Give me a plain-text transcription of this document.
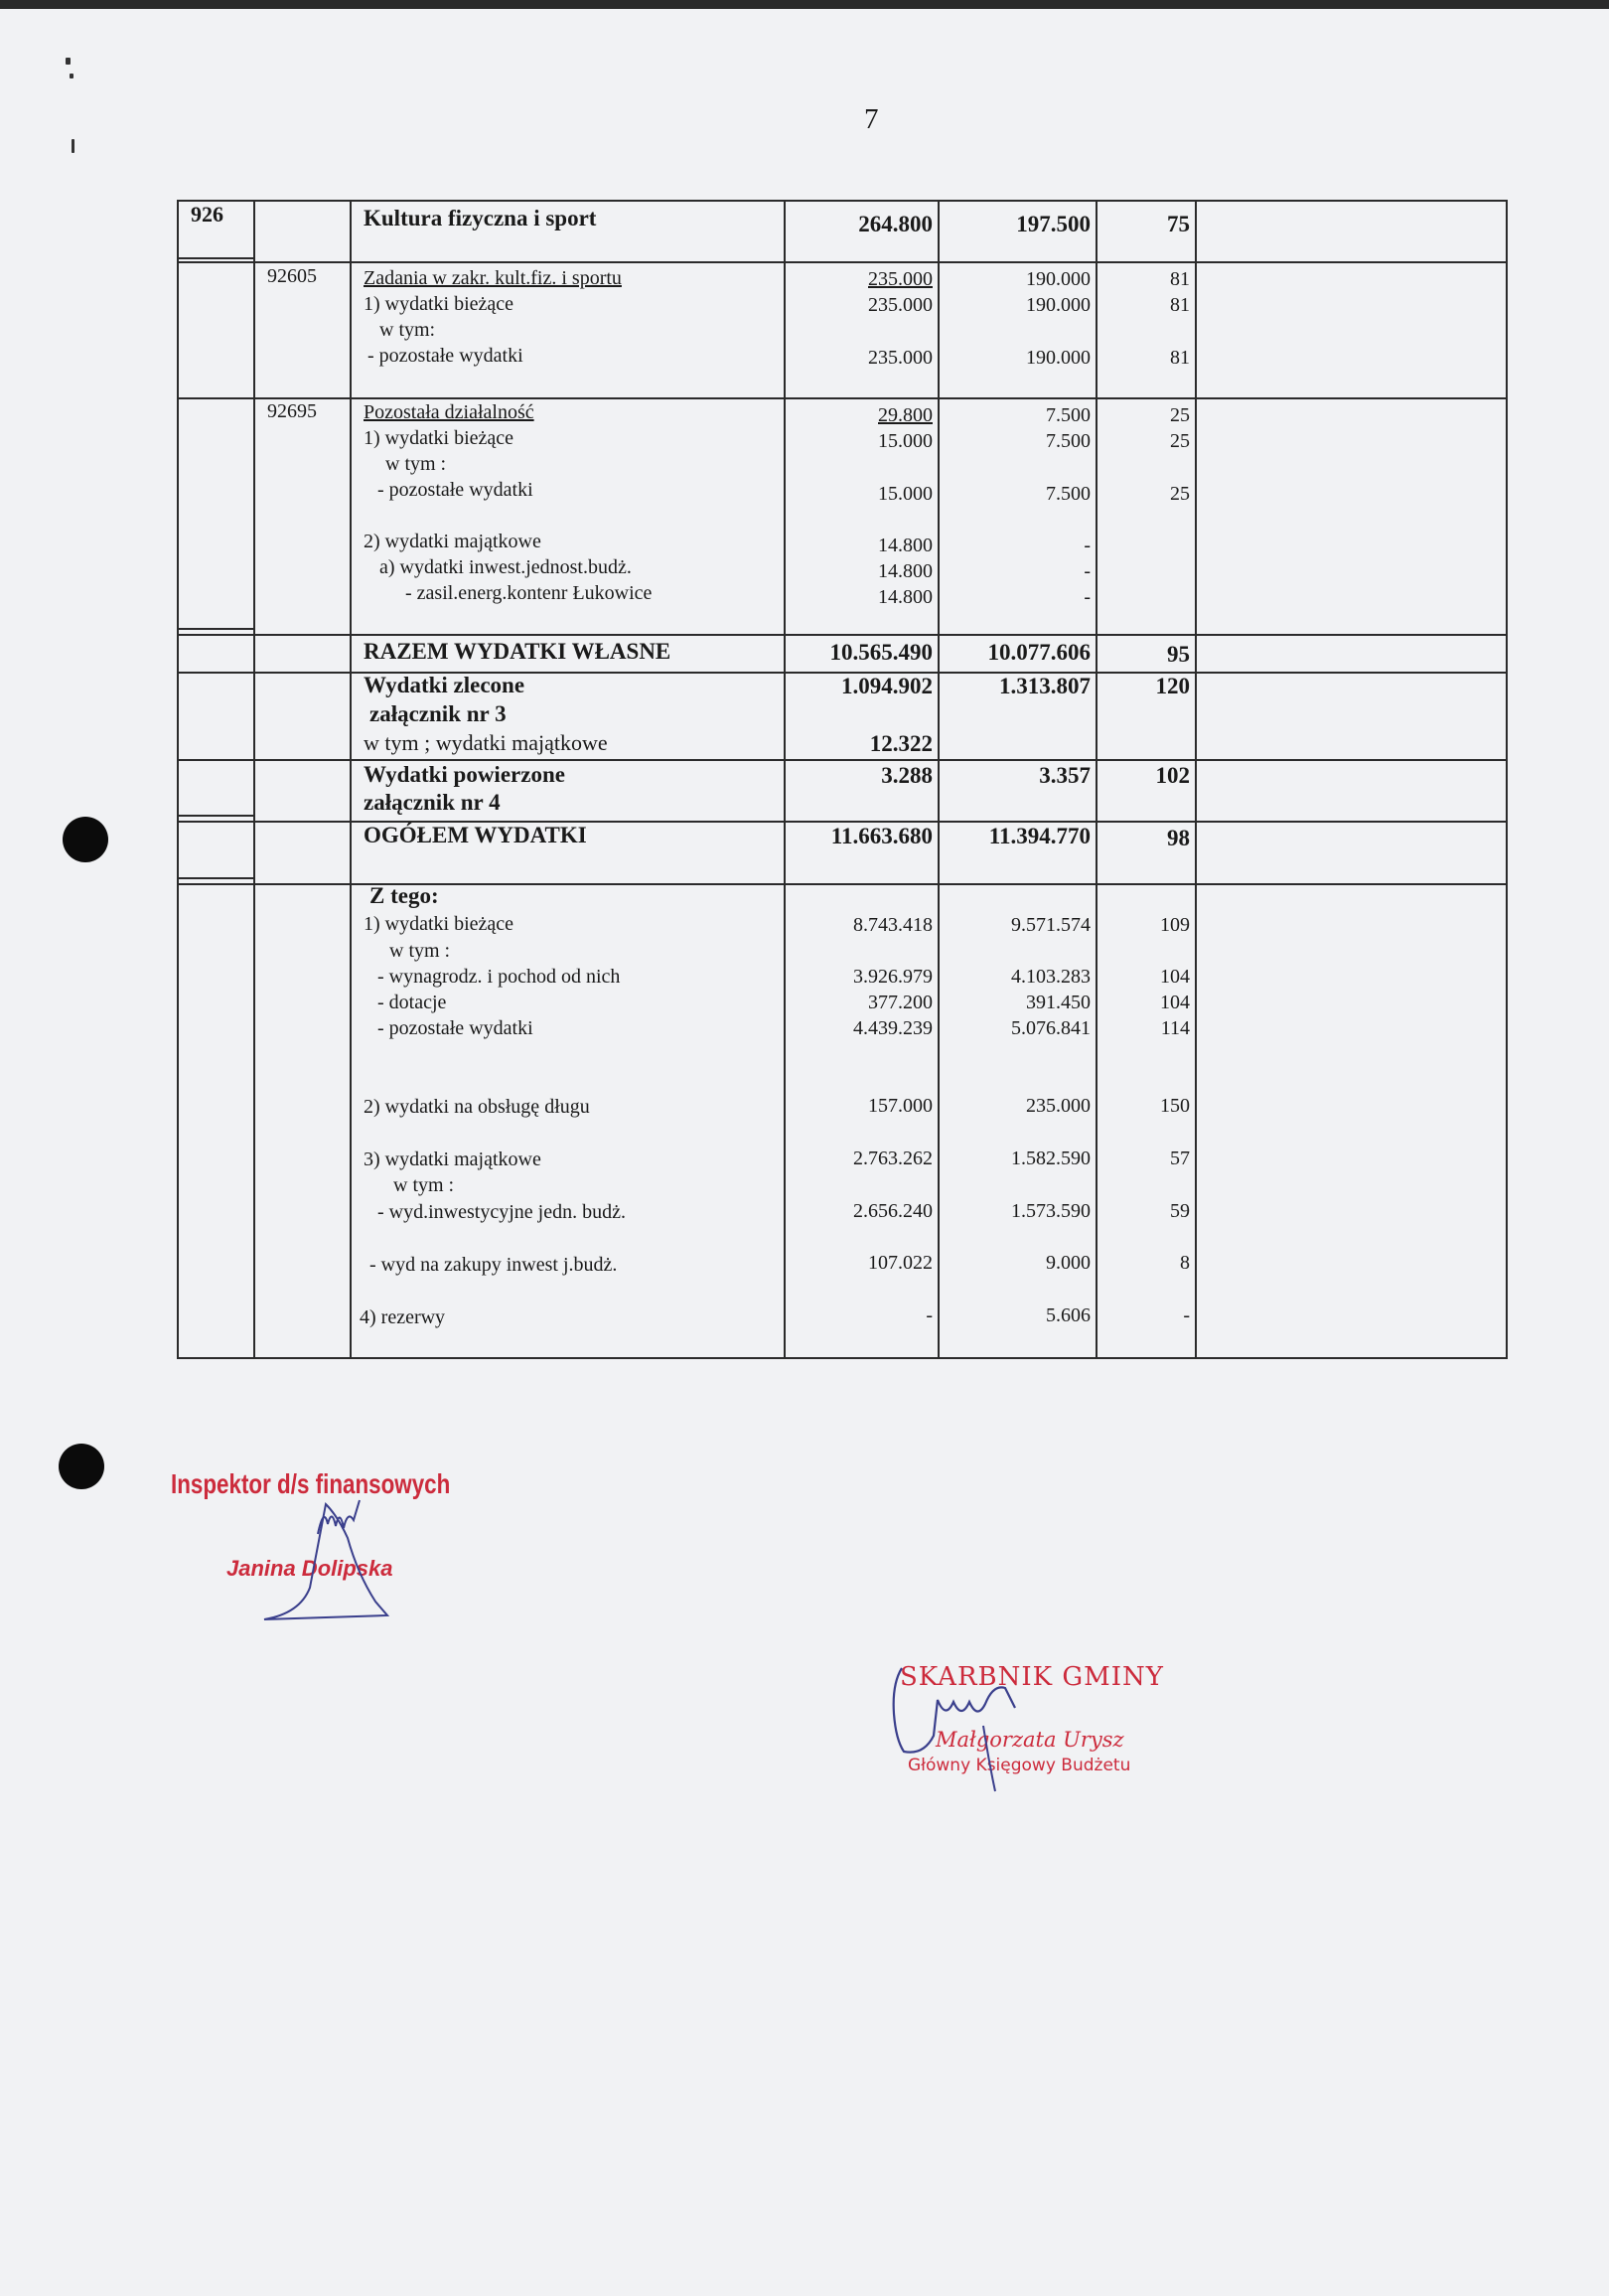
7
926	Kultura fizyczna i sport	264.800	197.500	75
92605 Zadania w zakr. kult.fiz. i sportu	235.000	190.000	81
1) wydatki bieżące	235.000	190.000	81
w tym:
- pozostałe wydatki	235.000	190.000	81
92695 Pozostała działalność	29.800	7.500	25
1) wydatki bieżące	15.000	7.500	25
w tym :
- pozostałe wydatki	15.000	7.500	25
2) wydatki majątkowe	14.800	-
a) wydatki inwest.jednost.budż.	14.800	-
- zasil.energ.kontenr Łukowice	14.800	-
RAZEM WYDATKI WŁASNE	10.565.490	10.077.606	95
Wydatki zlecone	1.094.902	1.313.807	120
załącznik nr 3
w tym ; wydatki majątkowe	12.322
Wydatki powierzone	3.288	3.357	102
załącznik nr 4
OGÓŁEM WYDATKI	11.663.680	11.394.770	98
Z tego:
1) wydatki bieżące	8.743.418	9.571.574	109
w tym :
- wynagrodz. i pochod od nich	3.926.979	4.103.283	104
- dotacje	377.200	391.450	104
- pozostałe wydatki	4.439.239	5.076.841	114
2) wydatki na obsługę długu	157.000	235.000	150
3) wydatki majątkowe	2.763.262	1.582.590	57
w tym :
- wyd.inwestycyjne jedn. budż.	2.656.240	1.573.590	59
- wyd na zakupy inwest j.budż.	107.022	9.000	8
4) rezerwy	-	5.606	-
Inspektor d/s finansowych
Janina Dolipska
SKARBNIK GMINY
Małgorzata Urysz
Główny Księgowy Budżetu
